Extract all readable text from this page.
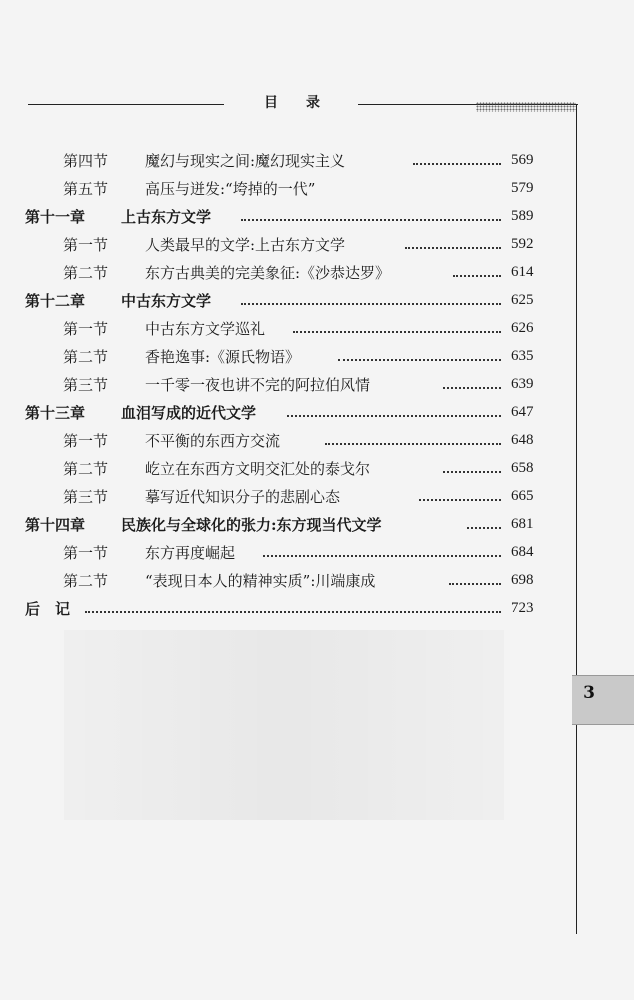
目　　录
第四节	魔幻与现实之间:魔幻现实主义	569
第五节	高压与迸发:“垮掉的一代”	579
第十一章	上古东方文学	589
第一节	人类最早的文学:上古东方文学	592
第二节	东方古典美的完美象征:《沙恭达罗》	614
第十二章	中古东方文学	625
第一节	中古东方文学巡礼	626
第二节	香艳逸事:《源氏物语》	635
第三节	一千零一夜也讲不完的阿拉伯风情	639
第十三章	血泪写成的近代文学	647
第一节	不平衡的东西方交流	648
第二节	屹立在东西方文明交汇处的泰戈尔	658
第三节	摹写近代知识分子的悲剧心态	665
第十四章	民族化与全球化的张力:东方现当代文学	681
第一节	东方再度崛起	684
第二节	“表现日本人的精神实质”:川端康成	698
后　记	723
3
